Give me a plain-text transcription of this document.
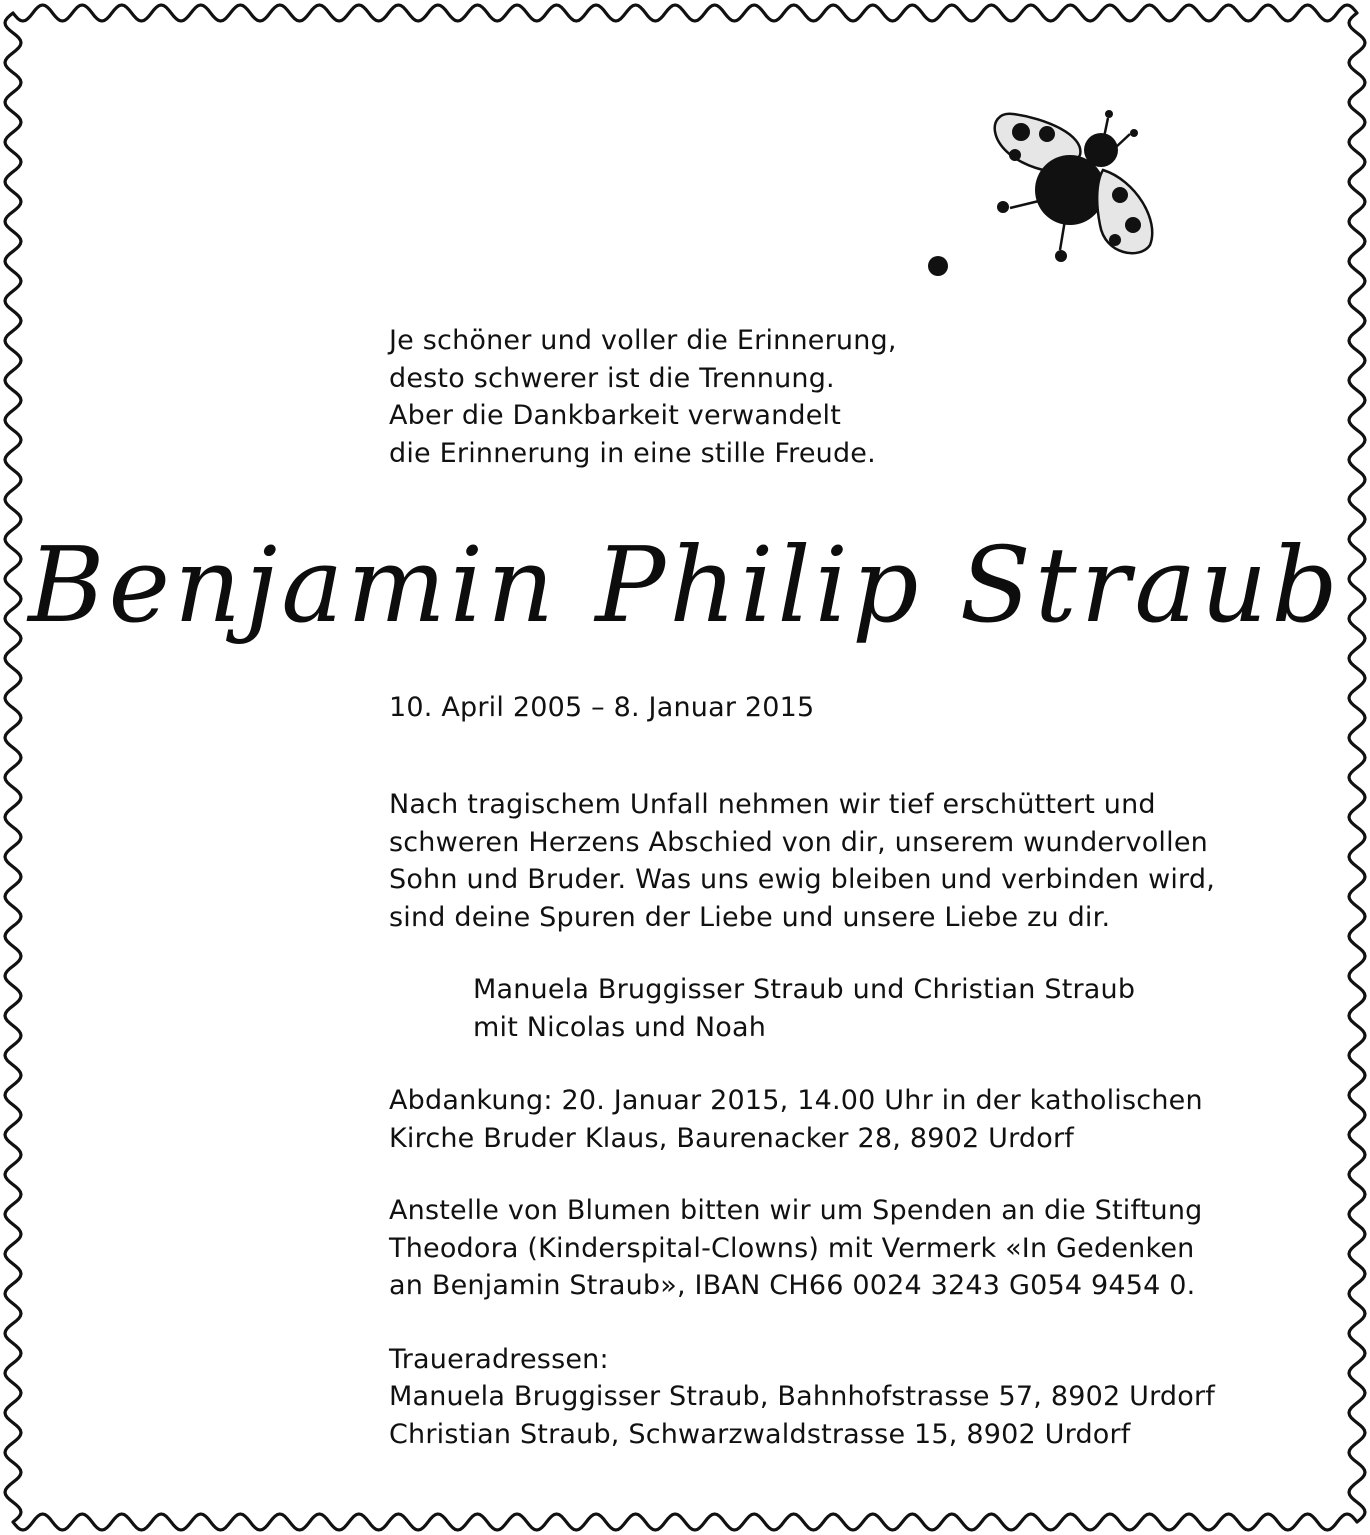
Je schöner und voller die Erinnerung,
desto schwerer ist die Trennung.
Aber die Dankbarkeit verwandelt
die Erinnerung in eine stille Freude.
Benjamin Philip Straub
10. April 2005 – 8. Januar 2015
Nach tragischem Unfall nehmen wir tief erschüttert und
schweren Herzens Abschied von dir, unserem wundervollen
Sohn und Bruder. Was uns ewig bleiben und verbinden wird,
sind deine Spuren der Liebe und unsere Liebe zu dir.
Manuela Bruggisser Straub und Christian Straub
mit Nicolas und Noah
Abdankung: 20. Januar 2015, 14.00 Uhr in der katholischen
Kirche Bruder Klaus, Baurenacker 28, 8902 Urdorf
Anstelle von Blumen bitten wir um Spenden an die Stiftung
Theodora (Kinderspital-Clowns) mit Vermerk «In Gedenken
an Benjamin Straub», IBAN CH66 0024 3243 G054 9454 0.
Traueradressen:
Manuela Bruggisser Straub, Bahnhofstrasse 57, 8902 Urdorf
Christian Straub, Schwarzwaldstrasse 15, 8902 Urdorf
